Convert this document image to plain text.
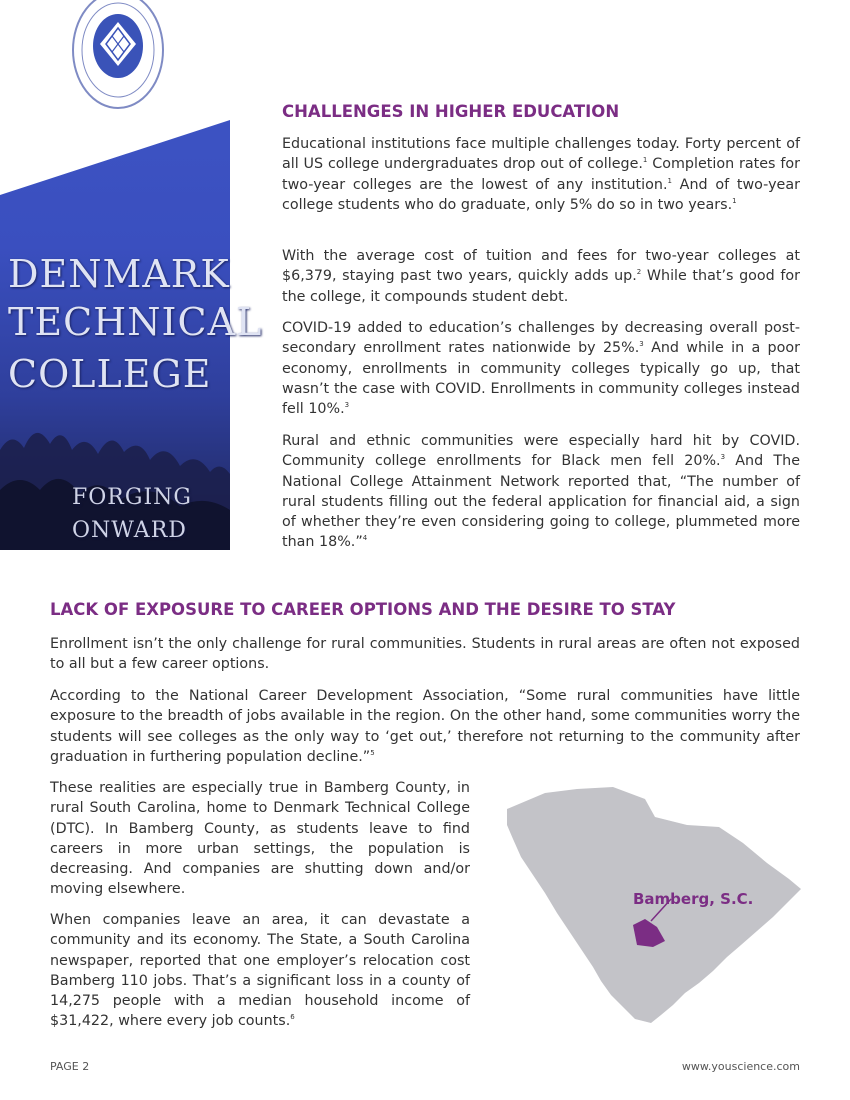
DENMARK
TECHNICAL
COLLEGE
FORGING
ONWARD
CHALLENGES IN HIGHER EDUCATION

Educational institutions face multiple challenges today. Forty percent of all US college undergraduates drop out of college.$^1$ Completion rates for two-year colleges are the lowest of any institution.$^1$ And of two-year college students who do graduate, only 5% do so in two years.$^1$

With the average cost of tuition and fees for two-year colleges at $6,379, staying past two years, quickly adds up.$^2$ While that’s good for the college, it compounds student debt.

COVID-19 added to education’s challenges by decreasing overall post-secondary enrollment rates nationwide by 25%.$^3$ And while in a poor economy, enrollments in community colleges typically go up, that wasn’t the case with COVID. Enrollments in community colleges instead fell 10%.$^3$

Rural and ethnic communities were especially hard hit by COVID. Community college enrollments for Black men fell 20%.$^3$ And The National College Attainment Network reported that, “The number of rural students filling out the federal application for financial aid, a sign of whether they’re even considering going to college, plummeted more than 18%.”$^4$

LACK OF EXPOSURE TO CAREER OPTIONS AND THE DESIRE TO STAY

Enrollment isn’t the only challenge for rural communities. Students in rural areas are often not exposed to all but a few career options.

According to the National Career Development Association, “Some rural communities have little exposure to the breadth of jobs available in the region. On the other hand, some communities worry the students will see colleges as the only way to ‘get out,’ therefore not returning to the community after graduation in furthering population decline.”$^5$

These realities are especially true in Bamberg County, in rural South Carolina, home to Denmark Technical College (DTC). In Bamberg County, as students leave to find careers in more urban settings, the population is decreasing. And companies are shutting down and/or moving elsewhere.

When companies leave an area, it can devastate a community and its economy. The State, a South Carolina newspaper, reported that one employer’s relocation cost Bamberg 110 jobs. That’s a significant loss in a county of 14,275 people with a median household income of $31,422, where every job counts.$^6$

Bamberg, S.C.
PAGE 2	www.youscience.com
